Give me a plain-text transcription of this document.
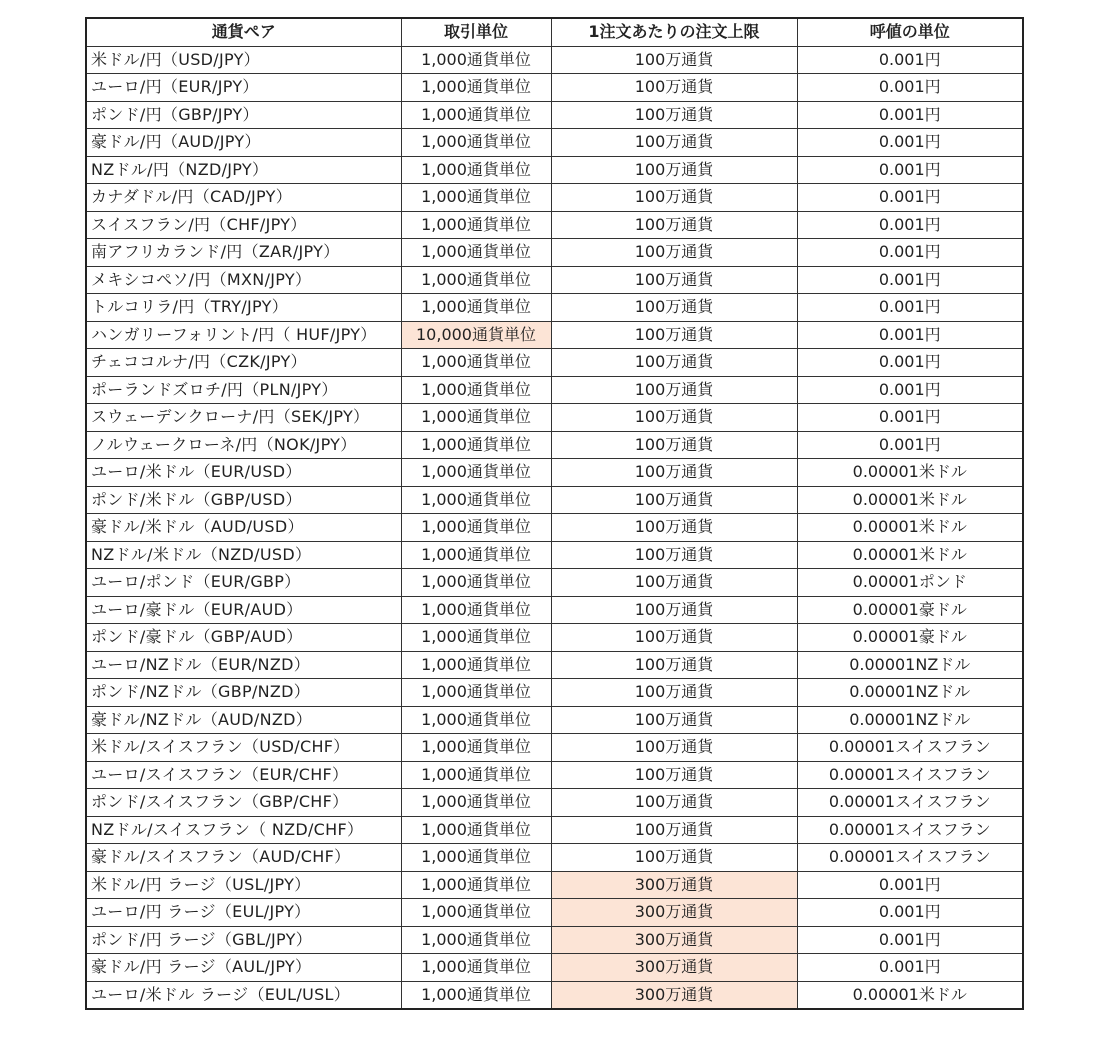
通貨ペア	取引単位	1注文あたりの注文上限	呼値の単位
米ドル/円（USD/JPY）	1,000通貨単位	100万通貨	0.001円
ユーロ/円（EUR/JPY）	1,000通貨単位	100万通貨	0.001円
ポンド/円（GBP/JPY）	1,000通貨単位	100万通貨	0.001円
豪ドル/円（AUD/JPY）	1,000通貨単位	100万通貨	0.001円
NZドル/円（NZD/JPY）	1,000通貨単位	100万通貨	0.001円
カナダドル/円（CAD/JPY）	1,000通貨単位	100万通貨	0.001円
スイスフラン/円（CHF/JPY）	1,000通貨単位	100万通貨	0.001円
南アフリカランド/円（ZAR/JPY）	1,000通貨単位	100万通貨	0.001円
メキシコペソ/円（MXN/JPY）	1,000通貨単位	100万通貨	0.001円
トルコリラ/円（TRY/JPY）	1,000通貨単位	100万通貨	0.001円
ハンガリーフォリント/円（ HUF/JPY）	10,000通貨単位	100万通貨	0.001円
チェココルナ/円（CZK/JPY）	1,000通貨単位	100万通貨	0.001円
ポーランドズロチ/円（PLN/JPY）	1,000通貨単位	100万通貨	0.001円
スウェーデンクローナ/円（SEK/JPY）	1,000通貨単位	100万通貨	0.001円
ノルウェークローネ/円（NOK/JPY）	1,000通貨単位	100万通貨	0.001円
ユーロ/米ドル（EUR/USD）	1,000通貨単位	100万通貨	0.00001米ドル
ポンド/米ドル（GBP/USD）	1,000通貨単位	100万通貨	0.00001米ドル
豪ドル/米ドル（AUD/USD）	1,000通貨単位	100万通貨	0.00001米ドル
NZドル/米ドル（NZD/USD）	1,000通貨単位	100万通貨	0.00001米ドル
ユーロ/ポンド（EUR/GBP）	1,000通貨単位	100万通貨	0.00001ポンド
ユーロ/豪ドル（EUR/AUD）	1,000通貨単位	100万通貨	0.00001豪ドル
ポンド/豪ドル（GBP/AUD）	1,000通貨単位	100万通貨	0.00001豪ドル
ユーロ/NZドル（EUR/NZD）	1,000通貨単位	100万通貨	0.00001NZドル
ポンド/NZドル（GBP/NZD）	1,000通貨単位	100万通貨	0.00001NZドル
豪ドル/NZドル（AUD/NZD）	1,000通貨単位	100万通貨	0.00001NZドル
米ドル/スイスフラン（USD/CHF）	1,000通貨単位	100万通貨	0.00001スイスフラン
ユーロ/スイスフラン（EUR/CHF）	1,000通貨単位	100万通貨	0.00001スイスフラン
ポンド/スイスフラン（GBP/CHF）	1,000通貨単位	100万通貨	0.00001スイスフラン
NZドル/スイスフラン（ NZD/CHF）	1,000通貨単位	100万通貨	0.00001スイスフラン
豪ドル/スイスフラン（AUD/CHF）	1,000通貨単位	100万通貨	0.00001スイスフラン
米ドル/円 ラージ（USL/JPY）	1,000通貨単位	300万通貨	0.001円
ユーロ/円 ラージ（EUL/JPY）	1,000通貨単位	300万通貨	0.001円
ポンド/円 ラージ（GBL/JPY）	1,000通貨単位	300万通貨	0.001円
豪ドル/円 ラージ（AUL/JPY）	1,000通貨単位	300万通貨	0.001円
ユーロ/米ドル ラージ（EUL/USL）	1,000通貨単位	300万通貨	0.00001米ドル
